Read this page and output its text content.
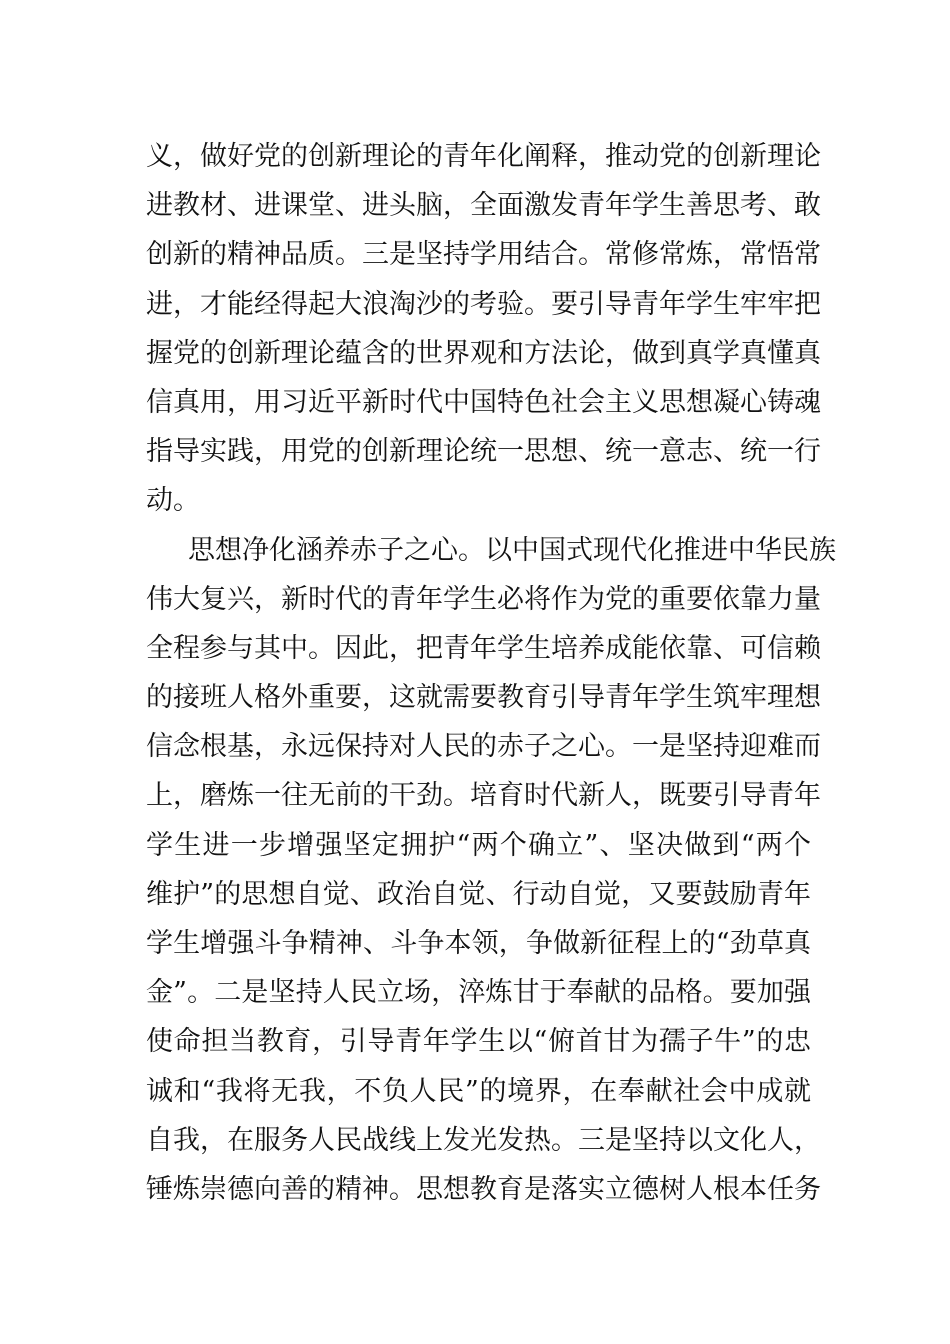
义，做好党的创新理论的青年化阐释，推动党的创新理论
进教材、进课堂、进头脑，全面激发青年学生善思考、敢
创新的精神品质。三是坚持学用结合。常修常炼，常悟常
进，才能经得起大浪淘沙的考验。要引导青年学生牢牢把
握党的创新理论蕴含的世界观和方法论，做到真学真懂真
信真用，用习近平新时代中国特色社会主义思想凝心铸魂
指导实践，用党的创新理论统一思想、统一意志、统一行
动。
思想净化涵养赤子之心。以中国式现代化推进中华民族
伟大复兴，新时代的青年学生必将作为党的重要依靠力量
全程参与其中。因此，把青年学生培养成能依靠、可信赖
的接班人格外重要，这就需要教育引导青年学生筑牢理想
信念根基，永远保持对人民的赤子之心。一是坚持迎难而
上，磨炼一往无前的干劲。培育时代新人，既要引导青年
学生进一步增强坚定拥护“两个确立”、坚决做到“两个
维护”的思想自觉、政治自觉、行动自觉，又要鼓励青年
学生增强斗争精神、斗争本领，争做新征程上的“劲草真
金”。二是坚持人民立场，淬炼甘于奉献的品格。要加强
使命担当教育，引导青年学生以“俯首甘为孺子牛”的忠
诚和“我将无我，不负人民”的境界，在奉献社会中成就
自我，在服务人民战线上发光发热。三是坚持以文化人，
锤炼崇德向善的精神。思想教育是落实立德树人根本任务
